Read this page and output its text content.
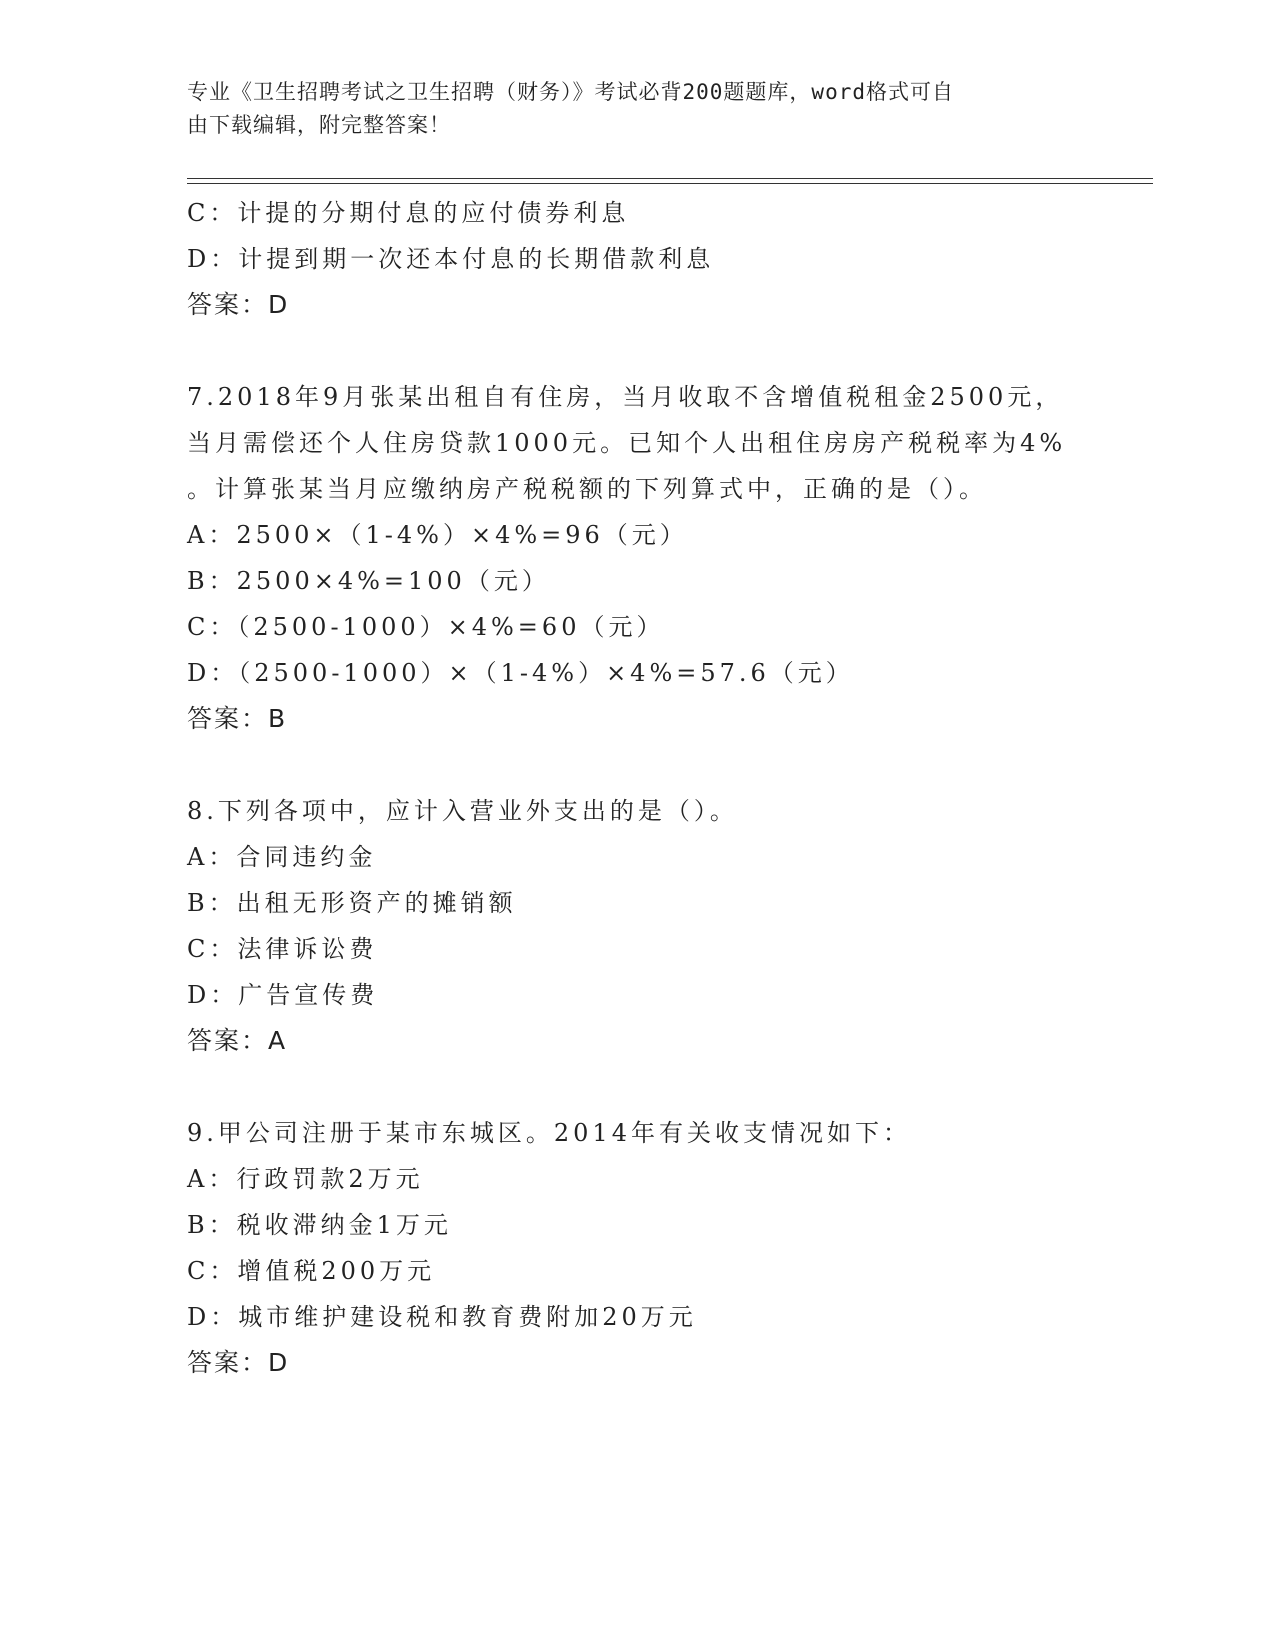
专业《卫生招聘考试之卫生招聘（财务）》考试必背200题题库，word格式可自
由下载编辑，附完整答案！
C：计提的分期付息的应付债券利息
D：计提到期一次还本付息的长期借款利息
答案：D
7.2018年9月张某出租自有住房，当月收取不含增值税租金2500元，
当月需偿还个人住房贷款1000元。已知个人出租住房房产税税率为4%
。计算张某当月应缴纳房产税税额的下列算式中，正确的是（）。
A：2500×（1-4%）×4%=96（元）
B：2500×4%=100（元）
C：（2500-1000）×4%=60（元）
D：（2500-1000）×（1-4%）×4%=57.6（元）
答案：B
8.下列各项中，应计入营业外支出的是（）。
A：合同违约金
B：出租无形资产的摊销额
C：法律诉讼费
D：广告宣传费
答案：A
9.甲公司注册于某市东城区。2014年有关收支情况如下：
A：行政罚款2万元
B：税收滞纳金1万元
C：增值税200万元
D：城市维护建设税和教育费附加20万元
答案：D
